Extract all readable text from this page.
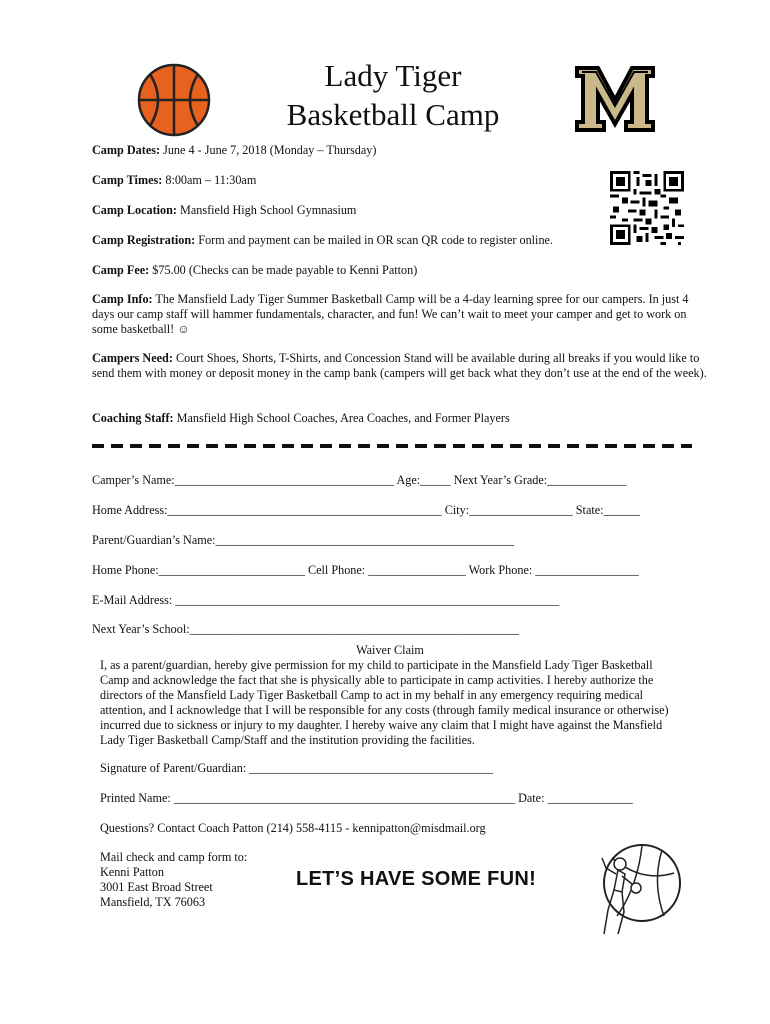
Lady Tiger
Basketball Camp
Camp Dates: June 4 - June 7, 2018 (Monday – Thursday)
Camp Times: 8:00am – 11:30am
Camp Location: Mansfield High School Gymnasium
Camp Registration: Form and payment can be mailed in OR scan QR code to register online.
Camp Fee: $75.00 (Checks can be made payable to Kenni Patton)
Camp Info: The Mansfield Lady Tiger Summer Basketball Camp will be a 4-day learning spree for our campers. In just 4 days our camp staff will hammer fundamentals, character, and fun! We can’t wait to meet your camper and get to work on some basketball! ☺
Campers Need: Court Shoes, Shorts, T-Shirts, and Concession Stand will be available during all breaks if you would like to send them with money or deposit money in the camp bank (campers will get back what they don’t use at the end of the week).
Coaching Staff: Mansfield High School Coaches, Area Coaches, and Former Players
Camper’s Name:____________________________________ Age:_____ Next Year’s Grade:_____________
Home Address:_____________________________________________ City:_________________ State:______
Parent/Guardian’s Name:_________________________________________________
Home Phone:________________________ Cell Phone: ________________ Work Phone: _________________
E-Mail Address: _______________________________________________________________
Next Year’s School:______________________________________________________
Waiver Claim
I, as a parent/guardian, hereby give permission for my child to participate in the Mansfield Lady Tiger Basketball Camp and acknowledge the fact that she is physically able to participate in camp activities. I hereby authorize the directors of the Mansfield Lady Tiger Basketball Camp to act in my behalf in any emergency requiring medical attention, and I acknowledge that I will be responsible for any costs (through family medical insurance or otherwise) incurred due to sickness or injury to my daughter. I hereby waive any claim that I might have against the Mansfield Lady Tiger Basketball Camp/Staff and the institution providing the facilities.
Signature of Parent/Guardian: ________________________________________
Printed Name: ________________________________________________________ Date: ______________
Questions? Contact Coach Patton (214) 558-4115 - kennipatton@misdmail.org
Mail check and camp form to:
Kenni Patton
3001 East Broad Street
Mansfield, TX 76063
LET’S HAVE SOME FUN!
